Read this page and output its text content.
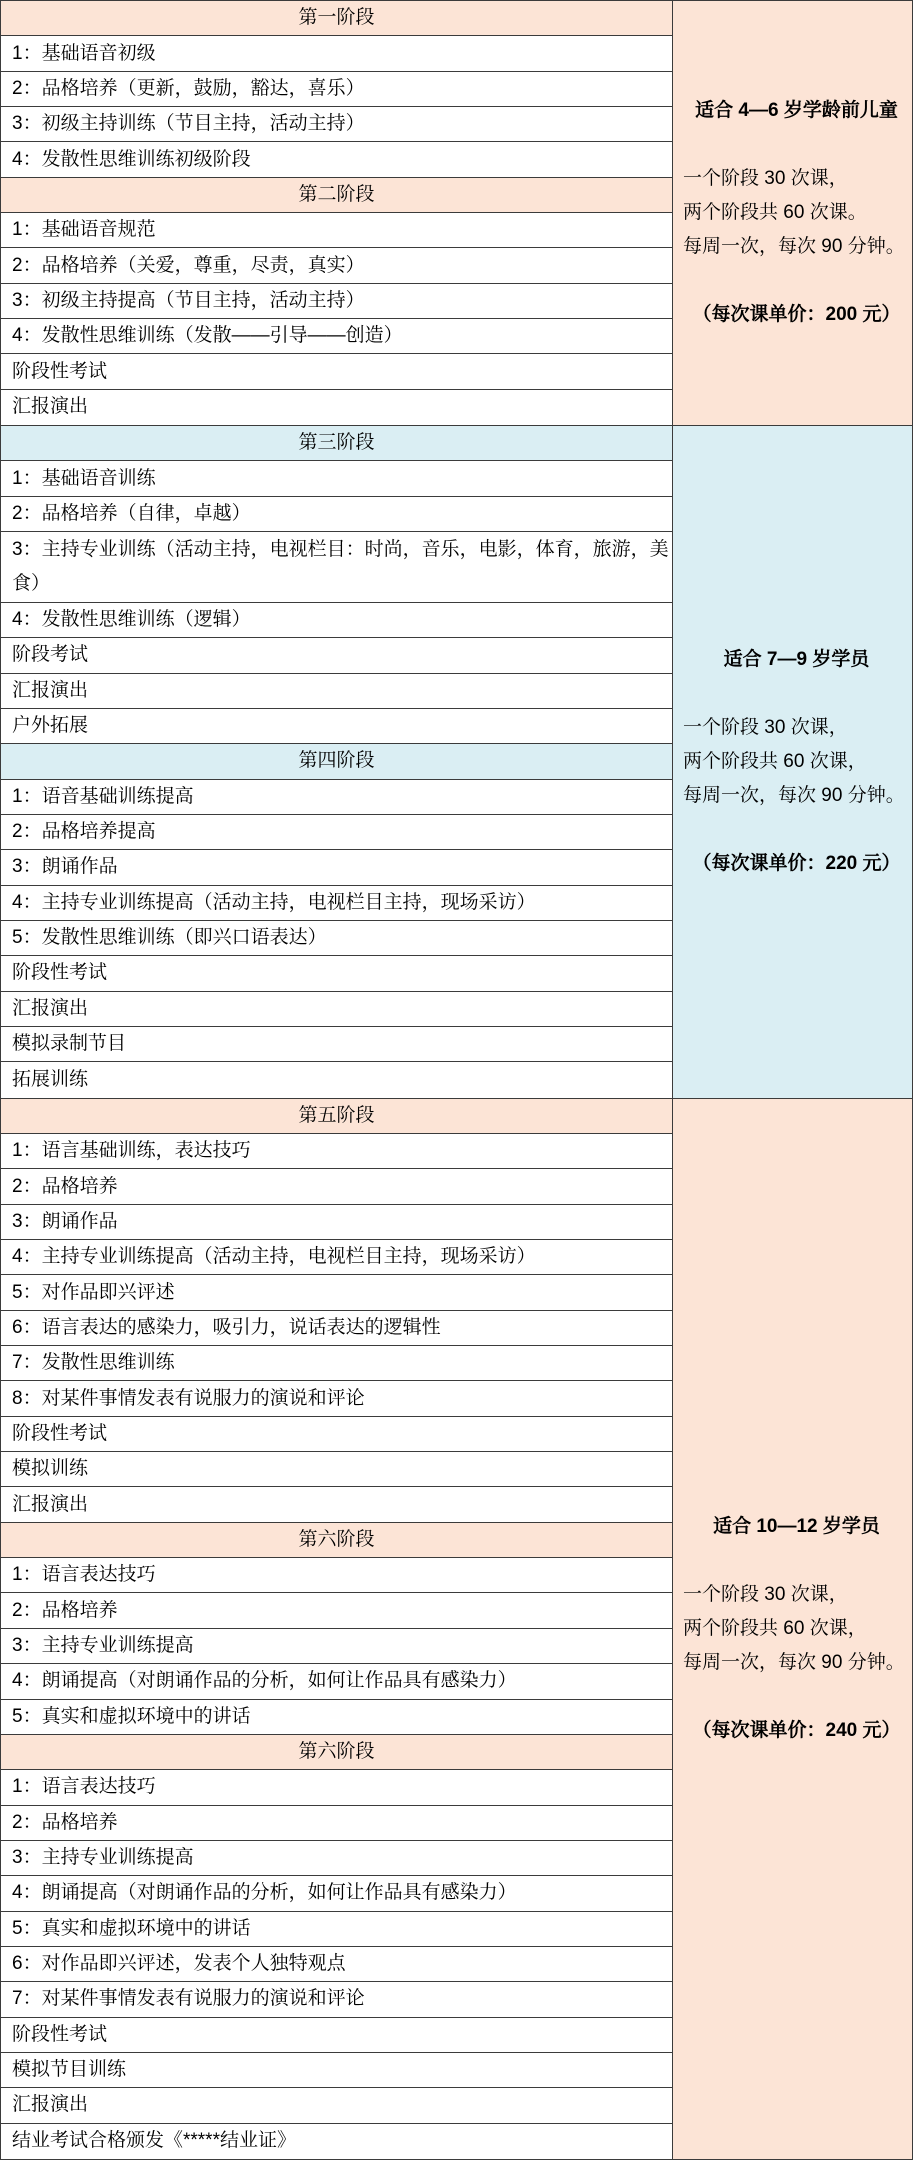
第一阶段
1：基础语音初级
2：品格培养（更新，鼓励，豁达，喜乐）
3：初级主持训练（节目主持，活动主持）
4：发散性思维训练初级阶段
第二阶段
1：基础语音规范
2：品格培养（关爱，尊重，尽责，真实）
3：初级主持提高（节目主持，活动主持）
4：发散性思维训练（发散——引导——创造）
阶段性考试
汇报演出
适合 4—6 岁学龄前儿童
一个阶段 30 次课，
两个阶段共 60 次课。
每周一次，每次 90 分钟。
（每次课单价：200 元）
第三阶段
1：基础语音训练
2：品格培养（自律，卓越）
3：主持专业训练（活动主持，电视栏目：时尚，音乐，电影，体育，旅游，美食）
4：发散性思维训练（逻辑）
阶段考试
汇报演出
户外拓展
第四阶段
1：语音基础训练提高
2：品格培养提高
3：朗诵作品
4：主持专业训练提高（活动主持，电视栏目主持，现场采访）
5：发散性思维训练（即兴口语表达）
阶段性考试
汇报演出
模拟录制节目
拓展训练
适合 7—9 岁学员
一个阶段 30 次课，
两个阶段共 60 次课，
每周一次，每次 90 分钟。
（每次课单价：220 元）
第五阶段
1：语言基础训练，表达技巧
2：品格培养
3：朗诵作品
4：主持专业训练提高（活动主持，电视栏目主持，现场采访）
5：对作品即兴评述
6：语言表达的感染力，吸引力，说话表达的逻辑性
7：发散性思维训练
8：对某件事情发表有说服力的演说和评论
阶段性考试
模拟训练
汇报演出
第六阶段
1：语言表达技巧
2：品格培养
3：主持专业训练提高
4：朗诵提高（对朗诵作品的分析，如何让作品具有感染力）
5：真实和虚拟环境中的讲话
第六阶段
1：语言表达技巧
2：品格培养
3：主持专业训练提高
4：朗诵提高（对朗诵作品的分析，如何让作品具有感染力）
5：真实和虚拟环境中的讲话
6：对作品即兴评述，发表个人独特观点
7：对某件事情发表有说服力的演说和评论
阶段性考试
模拟节目训练
汇报演出
结业考试合格颁发《*****结业证》
适合 10—12 岁学员
一个阶段 30 次课，
两个阶段共 60 次课，
每周一次，每次 90 分钟。
（每次课单价：240 元）
